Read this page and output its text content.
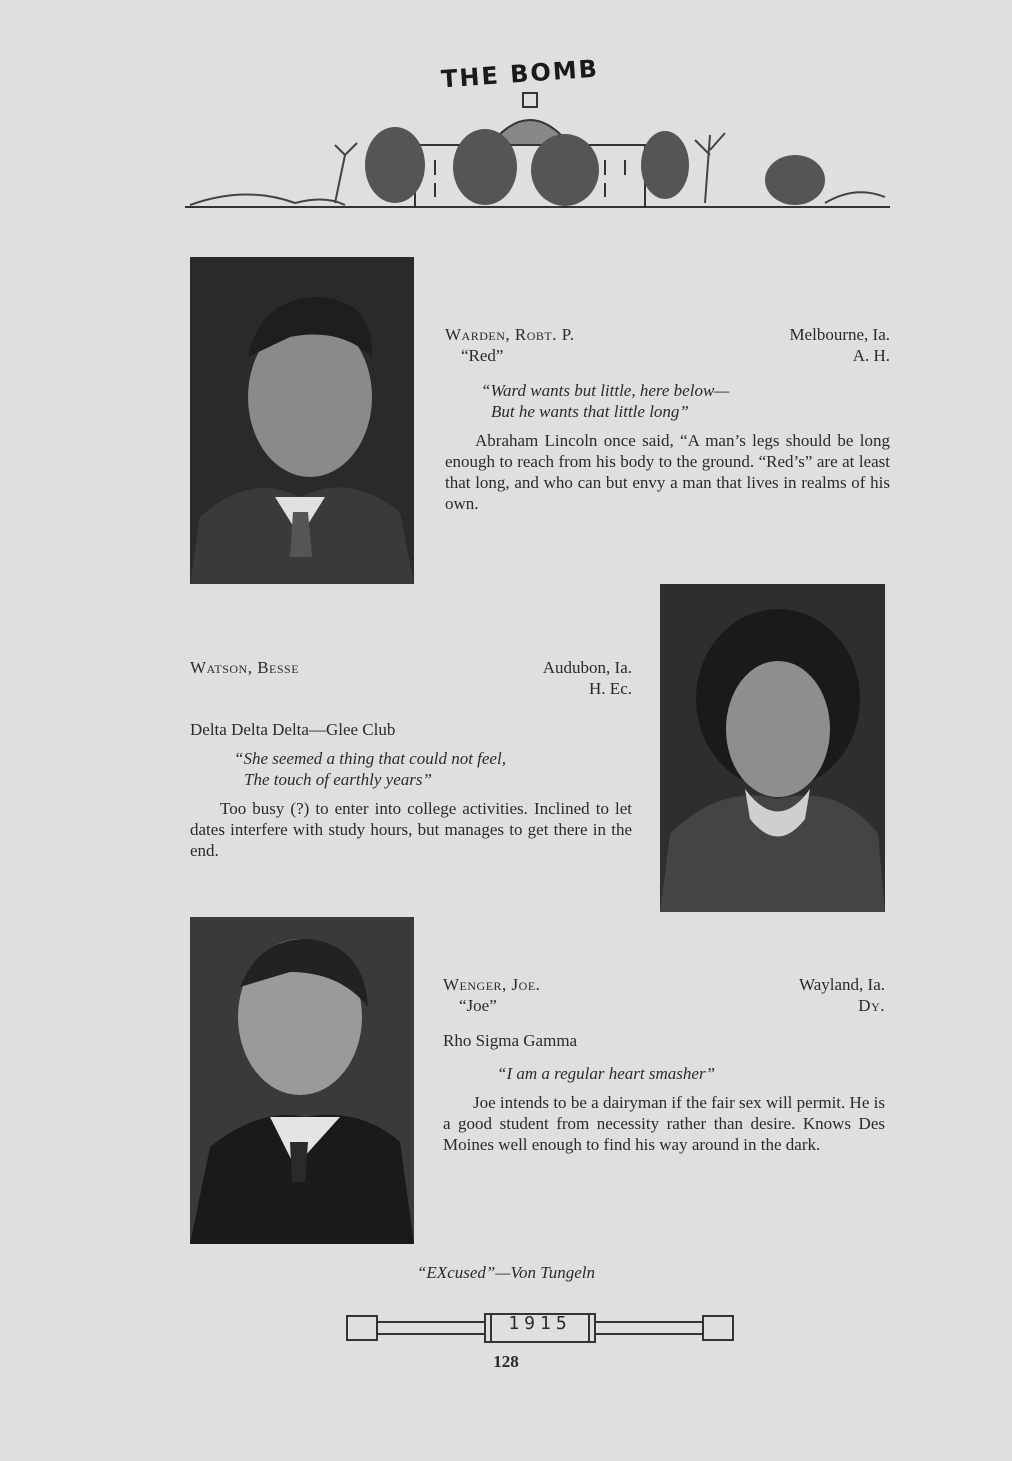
THE BOMB
Warden, Robt. P.	Melbourne, Ia.
“Red”	A. H.
“Ward wants but little, here below—
But he wants that little long”

Abraham Lincoln once said, “A man’s legs should be long enough to reach from his body to the ground. “Red’s” are at least that long, and who can but envy a man that lives in realms of his own.

Watson, Besse	Audubon, Ia.
H. Ec.
Delta Delta Delta—Glee Club
“She seemed a thing that could not feel,
The touch of earthly years”

Too busy (?) to enter into college activities. Inclined to let dates interfere with study hours, but manages to get there in the end.

Wenger, Joe.	Wayland, Ia.
“Joe”	Dy.
Rho Sigma Gamma
“I am a regular heart smasher”

Joe intends to be a dairyman if the fair sex will permit. He is a good student from necessity rather than desire. Knows Des Moines well enough to find his way around in the dark.

“EXcused”—Von Tungeln
1915
128
